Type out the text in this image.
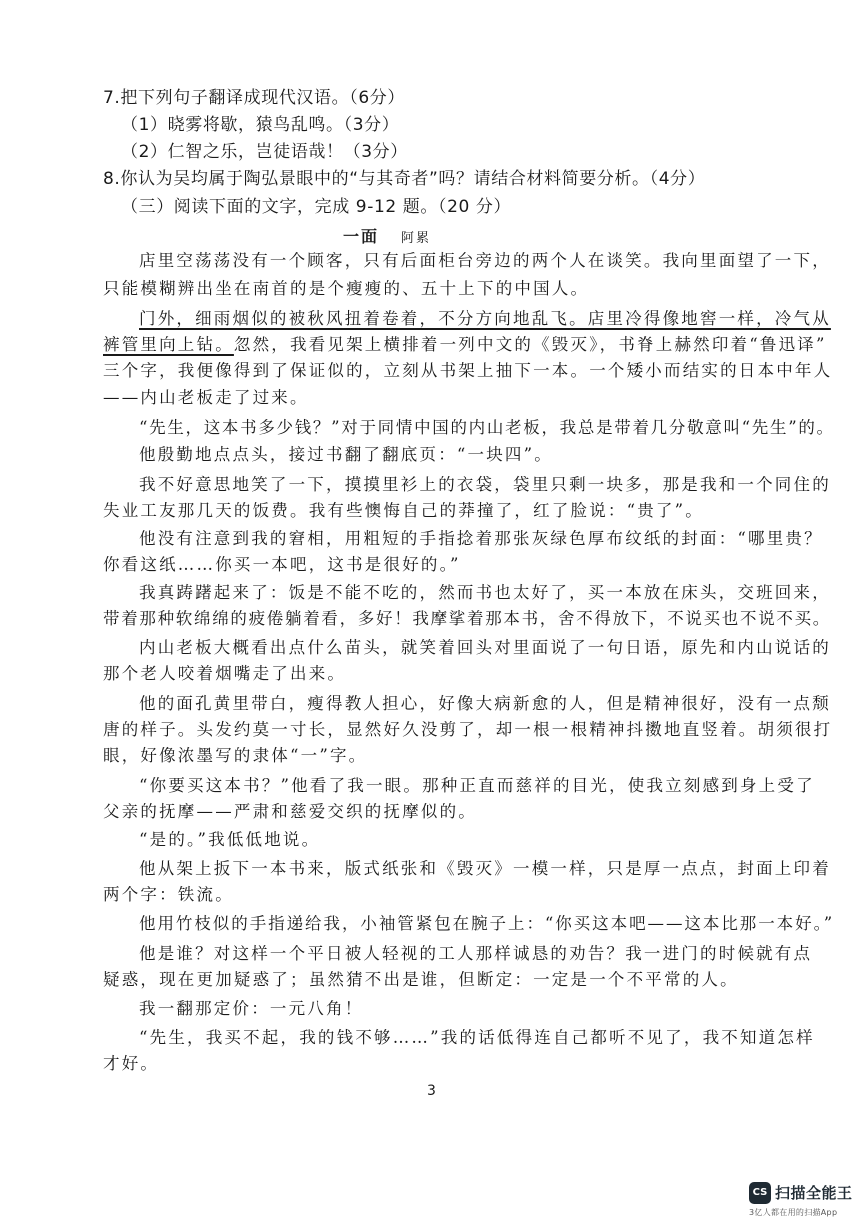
7.把下列句子翻译成现代汉语。（6分）
（1）晓雾将歇，猿鸟乱鸣。（3分）
（2）仁智之乐，岂徒语哉！（3分）
8.你认为吴均属于陶弘景眼中的“与其奇者”吗？请结合材料简要分析。（4分）
（三）阅读下面的文字，完成 9-12 题。（20 分）
一面 阿累
店里空荡荡没有一个顾客，只有后面柜台旁边的两个人在谈笑。我向里面望了一下，
只能模糊辨出坐在南首的是个瘦瘦的、五十上下的中国人。
门外，细雨烟似的被秋风扭着卷着，不分方向地乱飞。店里冷得像地窖一样，冷气从
裤管里向上钻。忽然，我看见架上横排着一列中文的《毁灭》，书脊上赫然印着“鲁迅译”
三个字，我便像得到了保证似的，立刻从书架上抽下一本。一个矮小而结实的日本中年人
——内山老板走了过来。
“先生，这本书多少钱？”对于同情中国的内山老板，我总是带着几分敬意叫“先生”的。
他殷勤地点点头，接过书翻了翻底页：“一块四”。
我不好意思地笑了一下，摸摸里衫上的衣袋，袋里只剩一块多，那是我和一个同住的
失业工友那几天的饭费。我有些懊悔自己的莽撞了，红了脸说：“贵了”。
他没有注意到我的窘相，用粗短的手指捻着那张灰绿色厚布纹纸的封面：“哪里贵？
你看这纸……你买一本吧，这书是很好的。”
我真踌躇起来了：饭是不能不吃的，然而书也太好了，买一本放在床头，交班回来，
带着那种软绵绵的疲倦躺着看，多好！我摩挲着那本书，舍不得放下，不说买也不说不买。
内山老板大概看出点什么苗头，就笑着回头对里面说了一句日语，原先和内山说话的
那个老人咬着烟嘴走了出来。
他的面孔黄里带白，瘦得教人担心，好像大病新愈的人，但是精神很好，没有一点颓
唐的样子。头发约莫一寸长，显然好久没剪了，却一根一根精神抖擞地直竖着。胡须很打
眼，好像浓墨写的隶体“一”字。
“你要买这本书？”他看了我一眼。那种正直而慈祥的目光，使我立刻感到身上受了
父亲的抚摩——严肃和慈爱交织的抚摩似的。
“是的。”我低低地说。
他从架上扳下一本书来，版式纸张和《毁灭》一模一样，只是厚一点点，封面上印着
两个字：铁流。
他用竹枝似的手指递给我，小袖管紧包在腕子上：“你买这本吧——这本比那一本好。”
他是谁？对这样一个平日被人轻视的工人那样诚恳的劝告？我一进门的时候就有点
疑惑，现在更加疑惑了；虽然猜不出是谁，但断定：一定是一个不平常的人。
我一翻那定价：一元八角！
“先生，我买不起，我的钱不够……”我的话低得连自己都听不见了，我不知道怎样
才好。
3
CS 扫描全能王
3亿人都在用的扫描App
